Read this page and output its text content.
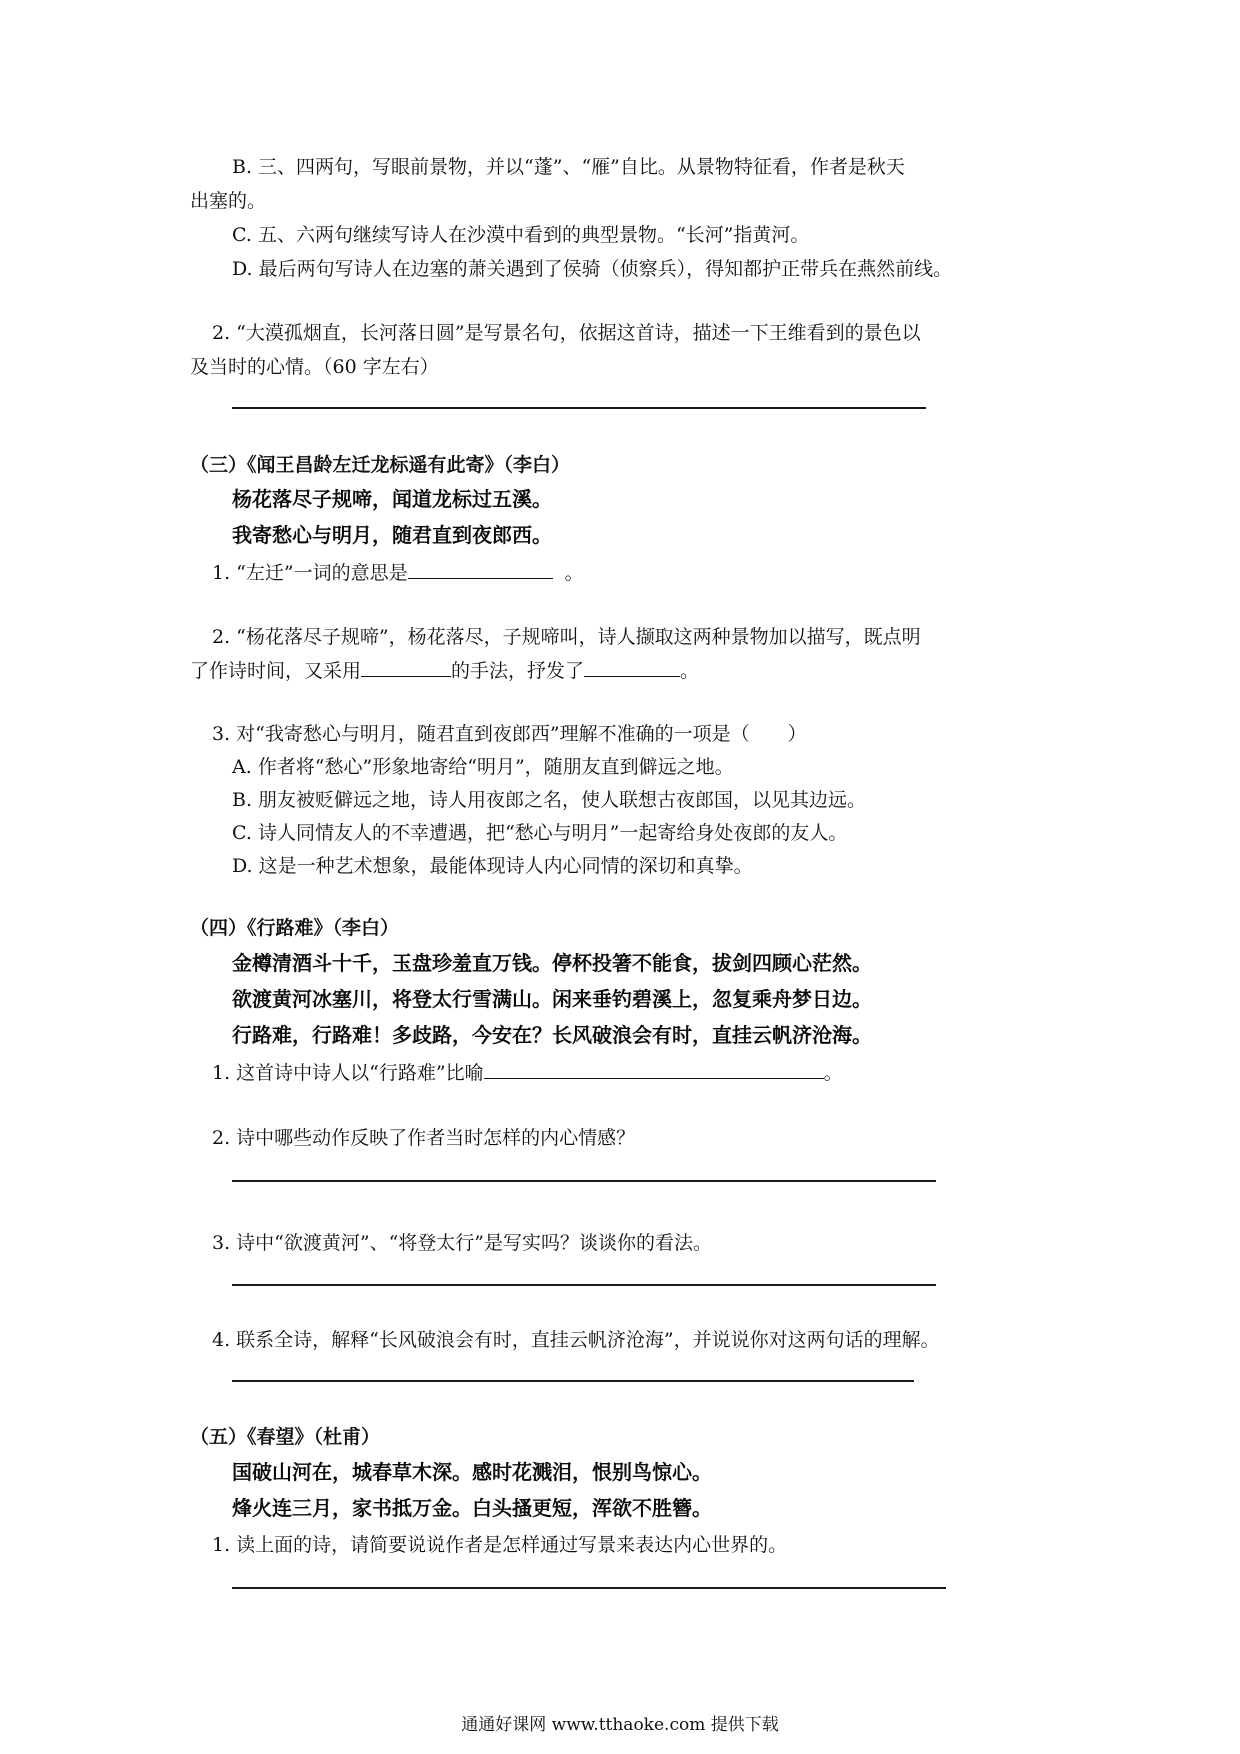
B. 三、四两句，写眼前景物，并以“蓬”、“雁”自比。从景物特征看，作者是秋天
出塞的。
C. 五、六两句继续写诗人在沙漠中看到的典型景物。“长河”指黄河。
D. 最后两句写诗人在边塞的萧关遇到了侯骑（侦察兵），得知都护正带兵在燕然前线。
2. “大漠孤烟直，长河落日圆”是写景名句，依据这首诗，描述一下王维看到的景色以
及当时的心情。（60 字左右）
（三）《闻王昌龄左迁龙标遥有此寄》（李白）
杨花落尽子规啼，闻道龙标过五溪。
我寄愁心与明月，随君直到夜郎西。
1. “左迁”一词的意思是	。
2. “杨花落尽子规啼”，杨花落尽，子规啼叫，诗人撷取这两种景物加以描写，既点明
了作诗时间，又采用	的手法，抒发了	。
3. 对“我寄愁心与明月，随君直到夜郎西”理解不准确的一项是（　　）
A. 作者将“愁心”形象地寄给“明月”，随朋友直到僻远之地。
B. 朋友被贬僻远之地，诗人用夜郎之名，使人联想古夜郎国，以见其边远。
C. 诗人同情友人的不幸遭遇，把“愁心与明月”一起寄给身处夜郎的友人。
D. 这是一种艺术想象，最能体现诗人内心同情的深切和真挚。
（四）《行路难》（李白）
金樽清酒斗十千，玉盘珍羞直万钱。停杯投箸不能食，拔剑四顾心茫然。
欲渡黄河冰塞川，将登太行雪满山。闲来垂钓碧溪上，忽复乘舟梦日边。
行路难，行路难！多歧路，今安在？长风破浪会有时，直挂云帆济沧海。
1. 这首诗中诗人以“行路难”比喻	。
2. 诗中哪些动作反映了作者当时怎样的内心情感？
3. 诗中“欲渡黄河”、“将登太行”是写实吗？谈谈你的看法。
4. 联系全诗，解释“长风破浪会有时，直挂云帆济沧海”，并说说你对这两句话的理解。
（五）《春望》（杜甫）
国破山河在，城春草木深。感时花溅泪，恨别鸟惊心。
烽火连三月，家书抵万金。白头搔更短，浑欲不胜簪。
1. 读上面的诗，请简要说说作者是怎样通过写景来表达内心世界的。
通通好课网 www.tthaoke.com 提供下载
